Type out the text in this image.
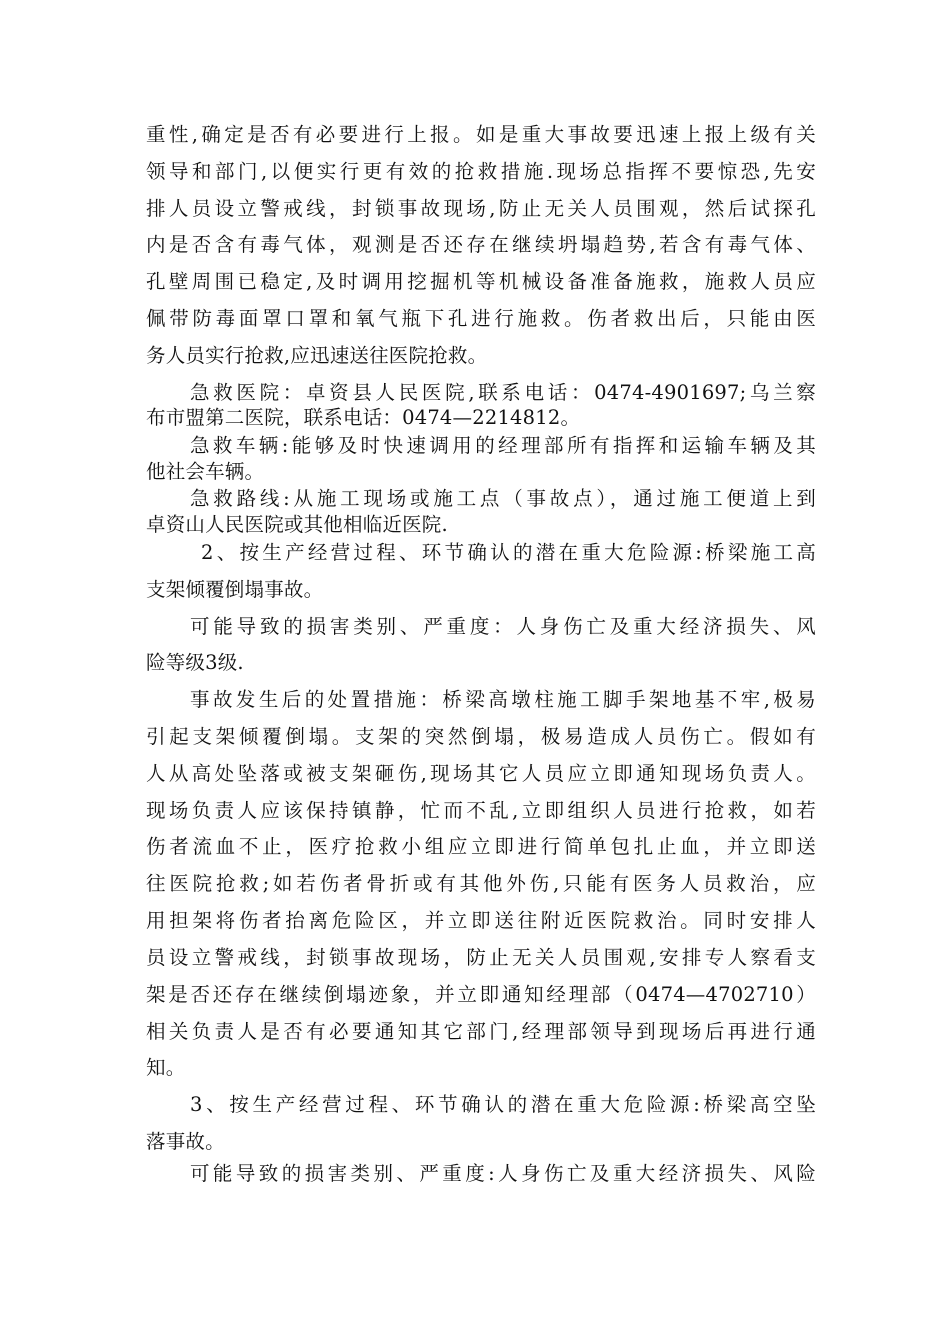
重性,确定是否有必要进行上报。如是重大事故要迅速上报上级有关
领导和部门,以便实行更有效的抢救措施.现场总指挥不要惊恐,先安
排人员设立警戒线，封锁事故现场,防止无关人员围观，然后试探孔
内是否含有毒气体，观测是否还存在继续坍塌趋势,若含有毒气体、
孔壁周围已稳定,及时调用挖掘机等机械设备准备施救，施救人员应
佩带防毒面罩口罩和氧气瓶下孔进行施救。伤者救出后，只能由医
务人员实行抢救,应迅速送往医院抢救。
急救医院：卓资县人民医院,联系电话：0474-4901697;乌兰察
布市盟第二医院，联系电话：0474—2214812。
急救车辆:能够及时快速调用的经理部所有指挥和运输车辆及其
他社会车辆。
急救路线:从施工现场或施工点（事故点），通过施工便道上到
卓资山人民医院或其他相临近医院.
2、按生产经营过程、环节确认的潜在重大危险源:桥梁施工高
支架倾覆倒塌事故。
可能导致的损害类别、严重度：人身伤亡及重大经济损失、风
险等级3级.
事故发生后的处置措施：桥梁高墩柱施工脚手架地基不牢,极易
引起支架倾覆倒塌。支架的突然倒塌，极易造成人员伤亡。假如有
人从高处坠落或被支架砸伤,现场其它人员应立即通知现场负责人。
现场负责人应该保持镇静，忙而不乱,立即组织人员进行抢救，如若
伤者流血不止，医疗抢救小组应立即进行简单包扎止血，并立即送
往医院抢救;如若伤者骨折或有其他外伤,只能有医务人员救治，应
用担架将伤者抬离危险区，并立即送往附近医院救治。同时安排人
员设立警戒线，封锁事故现场，防止无关人员围观,安排专人察看支
架是否还存在继续倒塌迹象，并立即通知经理部（0474—4702710）
相关负责人是否有必要通知其它部门,经理部领导到现场后再进行通
知。
3、按生产经营过程、环节确认的潜在重大危险源:桥梁高空坠
落事故。
可能导致的损害类别、严重度:人身伤亡及重大经济损失、风险
